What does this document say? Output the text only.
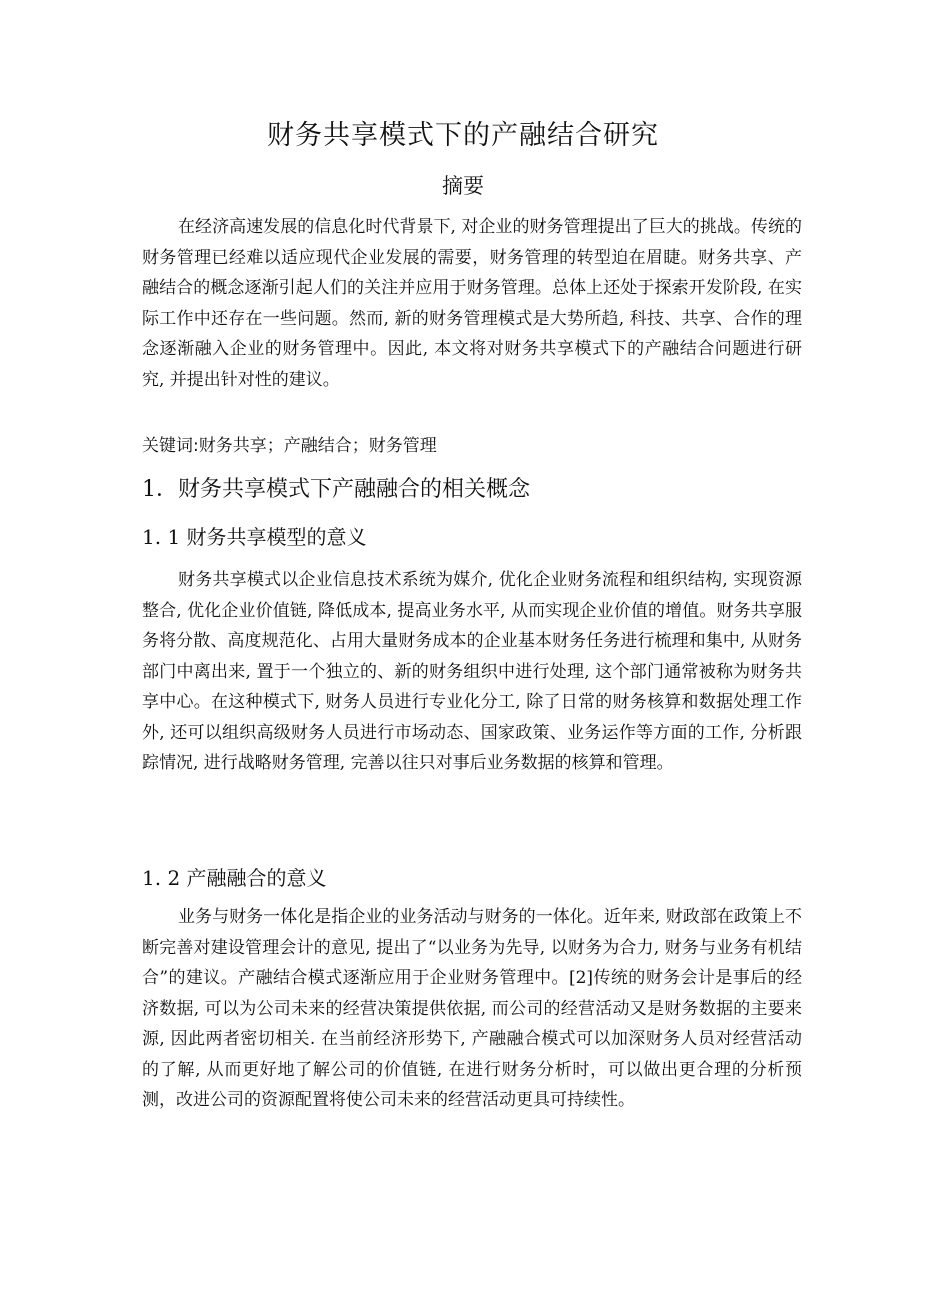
财务共享模式下的产融结合研究
摘要

在经济高速发展的信息化时代背景下, 对企业的财务管理提出了巨大的挑战。传统的财务管理已经难以适应现代企业发展的需要，财务管理的转型迫在眉睫。财务共享、产融结合的概念逐渐引起人们的关注并应用于财务管理。总体上还处于探索开发阶段, 在实际工作中还存在一些问题。然而, 新的财务管理模式是大势所趋, 科技、共享、合作的理念逐渐融入企业的财务管理中。因此, 本文将对财务共享模式下的产融结合问题进行研究, 并提出针对性的建议。

关键词:财务共享；产融结合；财务管理
1．财务共享模式下产融融合的相关概念
1. 1 财务共享模型的意义

财务共享模式以企业信息技术系统为媒介, 优化企业财务流程和组织结构, 实现资源整合, 优化企业价值链, 降低成本, 提高业务水平, 从而实现企业价值的增值。财务共享服务将分散、高度规范化、占用大量财务成本的企业基本财务任务进行梳理和集中, 从财务部门中离出来, 置于一个独立的、新的财务组织中进行处理, 这个部门通常被称为财务共享中心。在这种模式下, 财务人员进行专业化分工, 除了日常的财务核算和数据处理工作外, 还可以组织高级财务人员进行市场动态、国家政策、业务运作等方面的工作, 分析跟踪情况, 进行战略财务管理, 完善以往只对事后业务数据的核算和管理。

1. 2 产融融合的意义

业务与财务一体化是指企业的业务活动与财务的一体化。近年来, 财政部在政策上不断完善对建设管理会计的意见, 提出了“以业务为先导, 以财务为合力, 财务与业务有机结合”的建议。产融结合模式逐渐应用于企业财务管理中。[2]传统的财务会计是事后的经济数据, 可以为公司未来的经营决策提供依据, 而公司的经营活动又是财务数据的主要来源, 因此两者密切相关. 在当前经济形势下, 产融融合模式可以加深财务人员对经营活动的了解, 从而更好地了解公司的价值链, 在进行财务分析时，可以做出更合理的分析预测，改进公司的资源配置将使公司未来的经营活动更具可持续性。
